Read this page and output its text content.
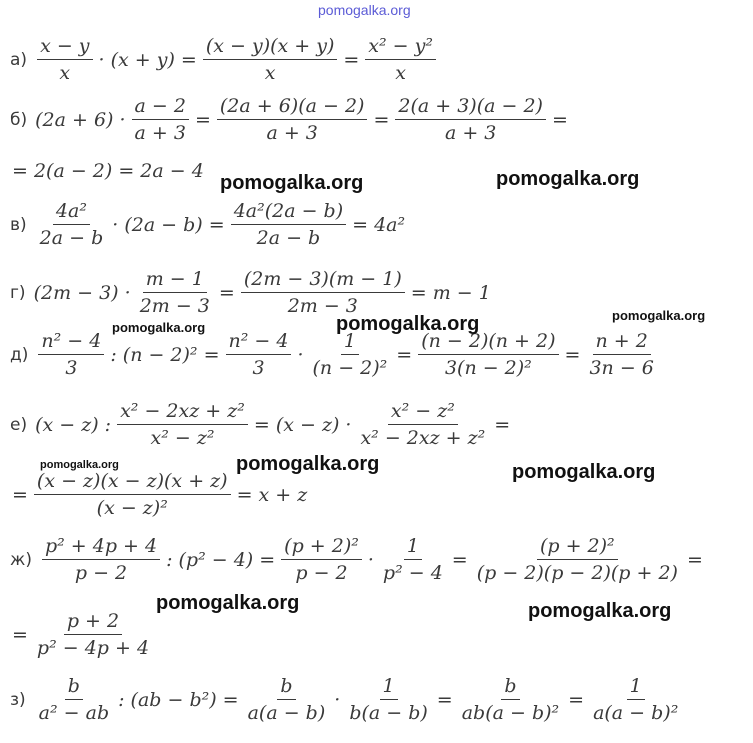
$а) \frac{x - y}{x} \cdot (x + y) = \frac{(x - y)(x + y)}{x} = \frac{\text{x² − y²}}{x}$
б) $(2a + 6) \cdot \frac{a - 2}{a + 3} = \frac{(2a + 6)(a - 2)}{a + 3} = \frac{2(a + 3)(a - 2)}{a + 3}$ =
= 2(a − 2) = 2a − 4
$в) \frac{\text{4a²}}{2a - b} \cdot (2a - b) = \frac{\text{4a²(2a − b)}}{2a - b} = 4a^2$
г) $(2m - 3) \cdot \frac{m - 1}{2m - 3} = \frac{(2m - 3)(m - 1)}{2m - 3} = m - 1$
$д) \frac{\text{n² − 4}}{3}$ : $(n - 2)^2 = \frac{\text{n² − 4}}{3} \cdot \frac{1}{\text{(n − 2)²}} = \frac{(n - 2)(n + 2)}{\text{3(n − 2)²}} = \frac{n + 2}{3n - 6}$
е) (x − z) : $\frac{\text{x² − 2xz + z²}}{\text{x² − z²}} = (x - z) \cdot \frac{\text{x² − z²}}{\text{x² − 2xz + z²}}$ =
= $\frac{(x - z)(x - z)(x + z)}{\text{(x − z)²}} = x + z$
$ж) \frac{\text{p² + 4p + 4}}{p - 2}$ : $(p^2 - 4) = \frac{\text{(p + 2)²}}{p - 2} \cdot \frac{1}{\text{p² − 4}} = \frac{\text{(p + 2)²}}{(p - 2)(p - 2)(p + 2)}$ =
= $\frac{p + 2}{\text{p² − 4p + 4}}$
$з) \frac{b}{\text{a² − ab}}$ : $(ab - b^2) = \frac{b}{a(a - b)} \cdot \frac{1}{b(a - b)} = \frac{b}{\text{ab(a − b)²}} = \frac{1}{\text{a(a − b)²}}$
pomogalka.org
pomogalka.org	pomogalka.org
pomogalka.org	pomogalka.org	pomogalka.org
pomogalka.org	pomogalka.org	pomogalka.org
pomogalka.org	pomogalka.org
